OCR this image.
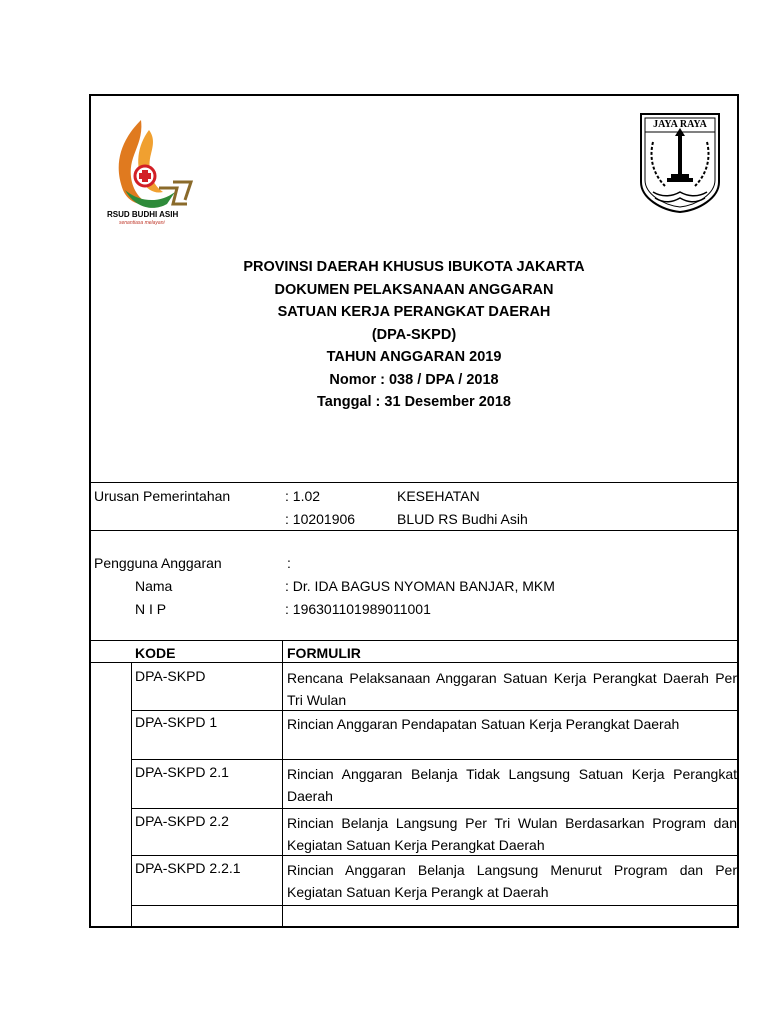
RSUD BUDHI ASIH
senantiasa melayani
JAYA RAYA
PROVINSI DAERAH KHUSUS IBUKOTA JAKARTA
DOKUMEN PELAKSANAAN ANGGARAN
SATUAN KERJA PERANGKAT DAERAH
(DPA-SKPD)
TAHUN ANGGARAN 2019
Nomor : 038 / DPA / 2018
Tanggal : 31 Desember 2018
Urusan Pemerintahan	: 1.02	KESEHATAN
: 10201906	BLUD RS Budhi Asih
Pengguna Anggaran	:
Nama	: Dr. IDA BAGUS NYOMAN BANJAR, MKM
N I P	: 196301101989011001
KODE	FORMULIR
DPA-SKPD	Rencana Pelaksanaan Anggaran Satuan Kerja Perangkat Daerah Per Tri Wulan
DPA-SKPD 1	Rincian Anggaran Pendapatan Satuan Kerja Perangkat Daerah
DPA-SKPD 2.1	Rincian Anggaran Belanja Tidak Langsung Satuan Kerja Perangkat Daerah
DPA-SKPD 2.2	Rincian Belanja Langsung Per Tri Wulan Berdasarkan Program dan Kegiatan Satuan Kerja Perangkat Daerah
DPA-SKPD 2.2.1	Rincian Anggaran Belanja Langsung Menurut Program dan Per Kegiatan Satuan Kerja Perangk at Daerah
